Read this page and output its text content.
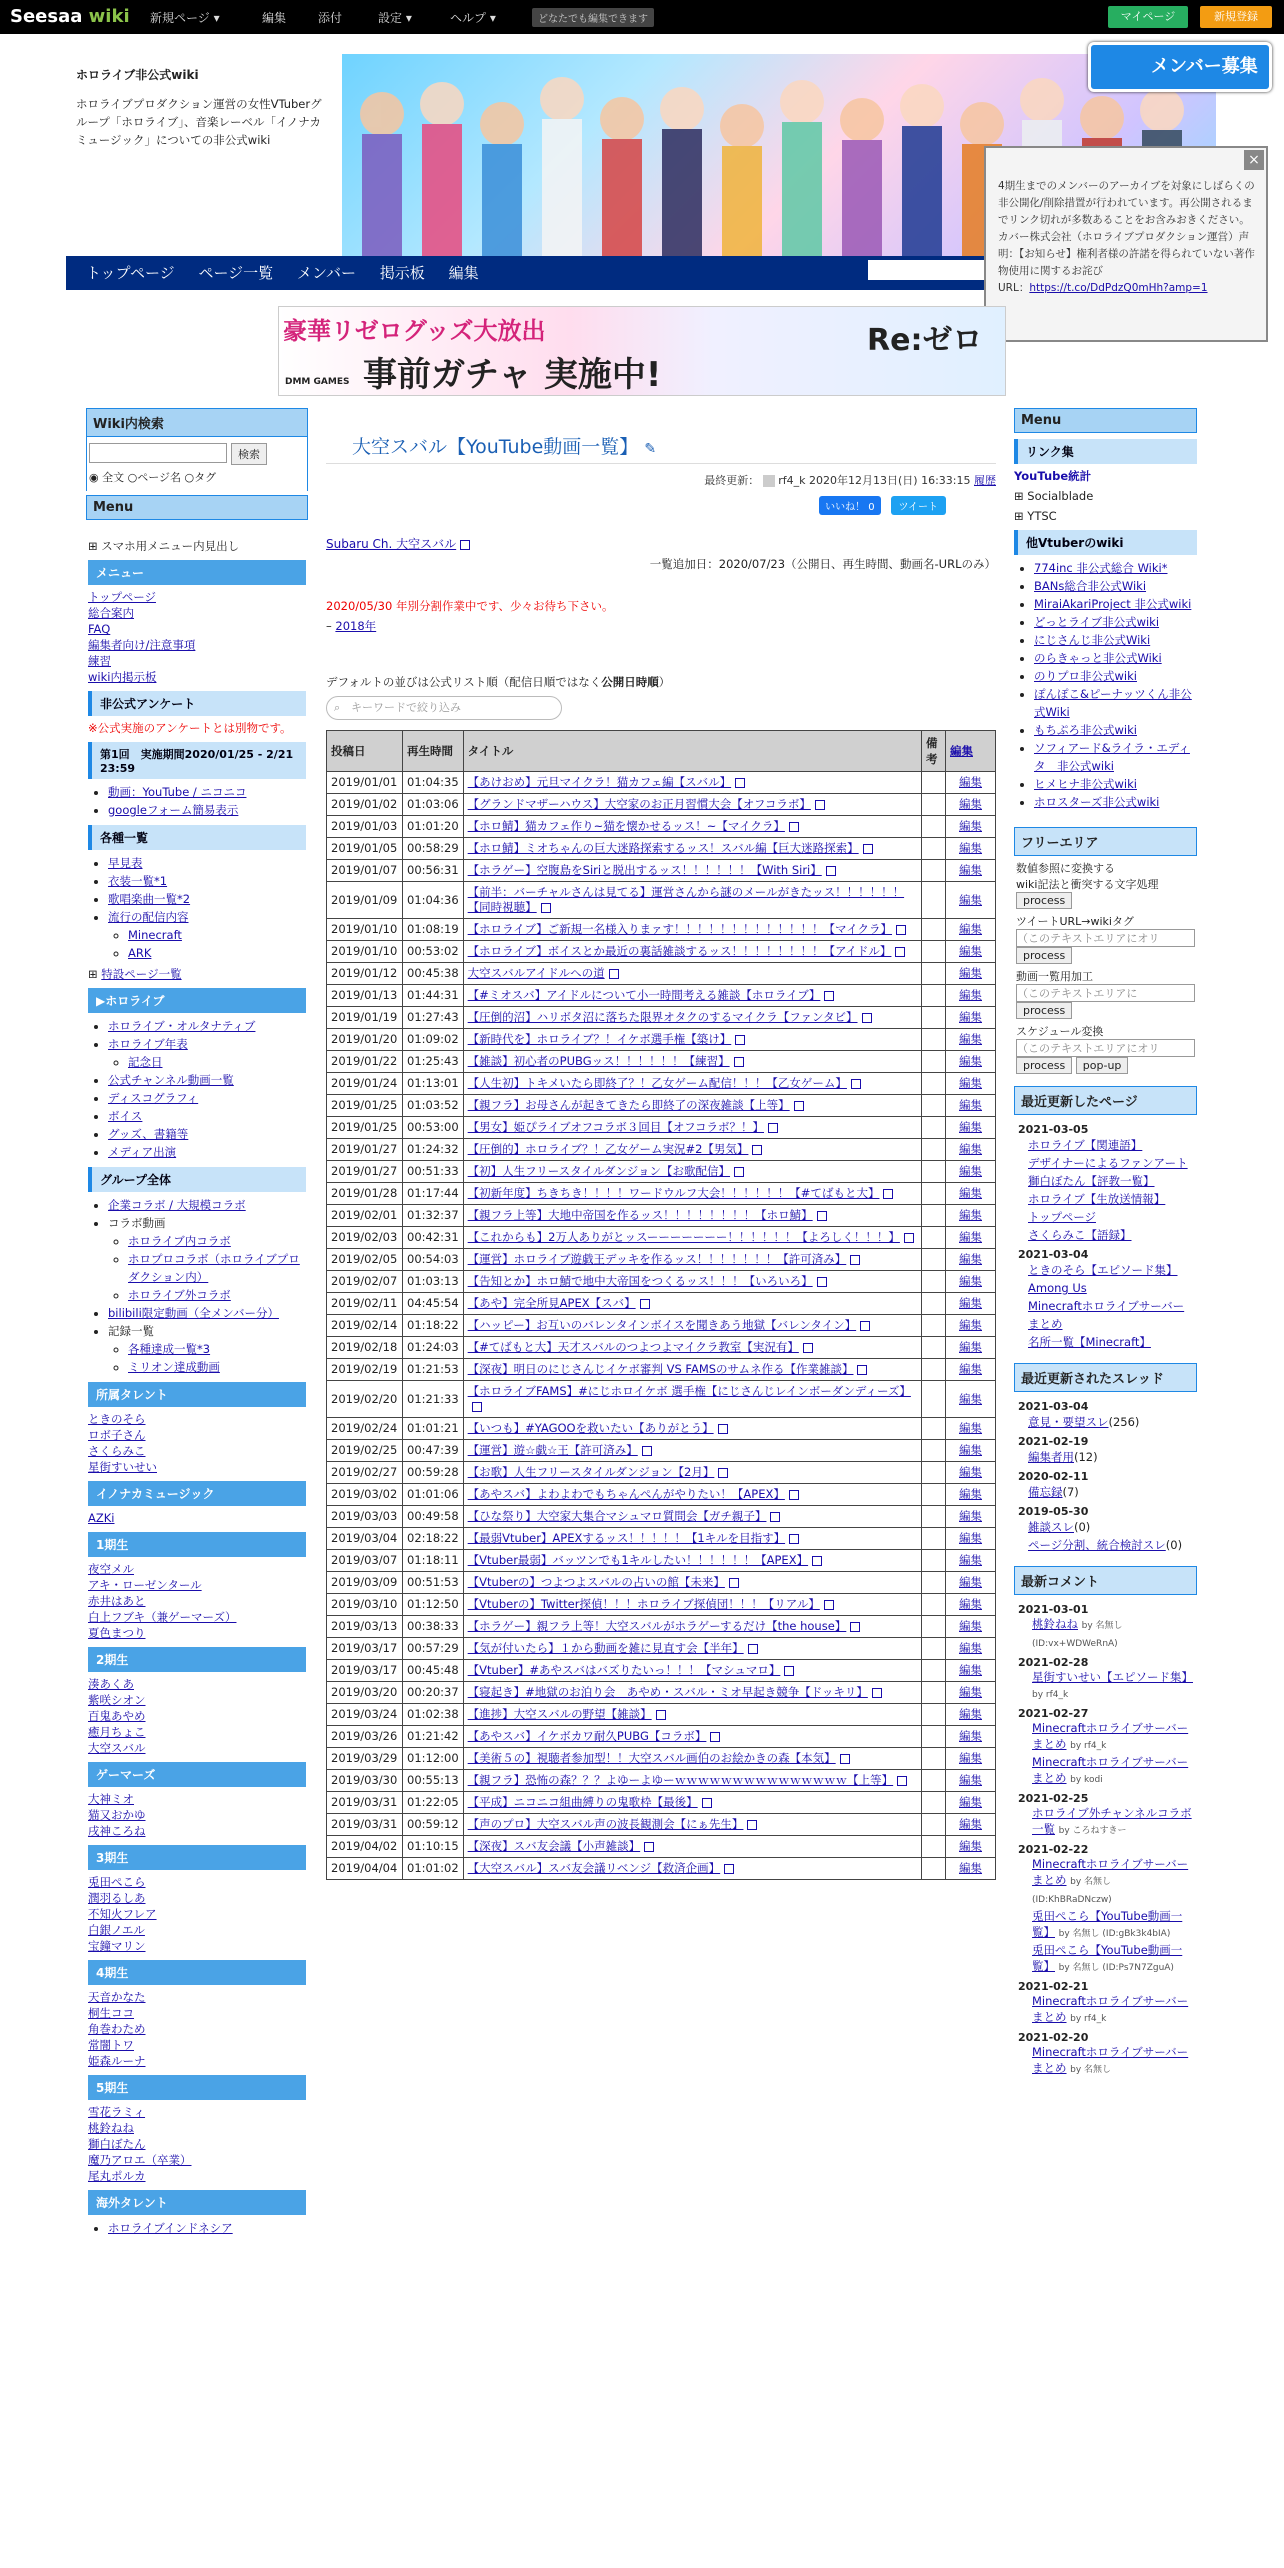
Seesaa wiki 新規ページ ▾	編集	添付	設定 ▾	ヘルプ ▾	どなたでも編集できます	マイページ	新規登録
ホロライブ非公式wiki
ホロライブプロダクション運営の女性VTuberグループ「ホロライブ」、音楽レーベル「イノナカミュージック」についての非公式wiki
メンバー募集
トップページ ページ一覧 メンバー 掲示板 編集
×
4期生までのメンバーのアーカイブを対象にしばらくの非公開化/削除措置が行われています。再公開されるまでリンク切れが多数あることをお含みおきください。カバー株式会社（ホロライブプロダクション運営）声明：【お知らせ】権利者様の許諾を得られていない著作物使用に関するお詫び
URL：https://t.co/DdPdzQ0mHh?amp=1
豪華リゼログッズ大放出
事前ガチャ 実施中!
Re:ゼロ
DMM GAMES
Wiki内検索
検索
◉ 全文 ○ページ名 ○タグ
Menu
⊞ スマホ用メニュー内見出し
メニュー
トップページ
総合案内
FAQ
編集者向け/注意事項
練習
wiki内掲示板
非公式アンケート
※公式実施のアンケートとは別物です。
第1回　実施期間2020/01/25 - 2/21 23:59
• 動画：YouTube / ニコニコ
• googleフォーム簡易表示
各種一覧
• 早見表
• 衣装一覧*1
• 歌唱楽曲一覧*2
• 流行の配信内容
◦ Minecraft
◦ ARK
⊞ 特設ページ一覧
▶ホロライブ
• ホロライブ・オルタナティブ
• ホロライブ年表
◦ 記念日
• 公式チャンネル動画一覧
• ディスコグラフィ
• ボイス
• グッズ、書籍等
• メディア出演
グループ全体
• 企業コラボ / 大規模コラボ
• コラボ動画
◦ ホロライブ内コラボ
◦ ホロプロコラボ（ホロライブプロダクション内）
◦ ホロライブ外コラボ
• bilibili限定動画（全メンバー分）
• 記録一覧
◦ 各種達成一覧*3
◦ ミリオン達成動画
所属タレント
ときのそら
ロボ子さん
さくらみこ
星街すいせい
イノナカミュージック
AZKi
1期生
夜空メル
アキ・ローゼンタール
赤井はあと
白上フブキ（兼ゲーマーズ）
夏色まつり
2期生
湊あくあ
紫咲シオン
百鬼あやめ
癒月ちょこ
大空スバル
ゲーマーズ
大神ミオ
猫又おかゆ
戌神ころね
3期生
兎田ぺこら
潤羽るしあ
不知火フレア
白銀ノエル
宝鐘マリン
4期生
天音かなた
桐生ココ
角巻わため
常闇トワ
姫森ルーナ
5期生
雪花ラミィ
桃鈴ねね
獅白ぼたん
魔乃アロエ（卒業）
尾丸ポルカ
海外タレント
• ホロライブインドネシア
大空スバル【YouTube動画一覧】 ✎
最終更新： rf4_k 2020年12月13日(日) 16:33:15 履歴
いいね！ 0 ツイート
Subaru Ch. 大空スバル
一覧追加日：2020/07/23（公開日、再生時間、動画名-URLのみ）
2020/05/30 年別分割作業中です、少々お待ち下さい。
– 2018年
デフォルトの並びは公式リスト順（配信日順ではなく公開日時順）
⌕ キーワードで絞り込み
投稿日	再生時間	タイトル	備考	編集
2019/01/01	01:04:35	【あけおめ】元旦マイクラ！猫カフェ編【スバル】		編集
2019/01/02	01:03:06	【グランドマザーハウス】大空家のお正月習慣大会【オフコラボ】		編集
2019/01/03	01:01:20	【ホロ鯖】猫カフェ作り~猫を懐かせるッス！~【マイクラ】		編集
2019/01/05	00:58:29	【ホロ鯖】ミオちゃんの巨大迷路探索するッス！スバル編【巨大迷路探索】		編集
2019/01/07	00:56:31	【ホラゲー】空腹島をSiriと脱出するッス！！！！！！【With Siri】		編集
2019/01/09	01:04:36	【前半：バーチャルさんは見てる】運営さんから謎のメールがきたッス！！！！！！【同時視聴】		編集
2019/01/10	01:08:19	【ホロライブ】ご新規一名様入りまァす！！！！！！！！！！！！！【マイクラ】		編集
2019/01/10	00:53:02	【ホロライブ】ボイスとか最近の裏話雑談するッス！！！！！！！！【アイドル】		編集
2019/01/12	00:45:38	大空スバルアイドルへの道		編集
2019/01/13	01:44:31	【#ミオスバ】アイドルについて小一時間考える雑談【ホロライブ】		編集
2019/01/19	01:27:43	【圧倒的沼】ハリボタ沼に落ちた限界オタクのするマイクラ【ファンタビ】		編集
2019/01/20	01:09:02	【新時代を】ホロライブ？！イケボ選手権【築け】		編集
2019/01/22	01:25:43	【雑談】初心者のPUBGッス！！！！！！【練習】		編集
2019/01/24	01:13:01	【人生初】トキメいたら即終了？！乙女ゲーム配信！！！【乙女ゲーム】		編集
2019/01/25	01:03:52	【親フラ】お母さんが起きてきたら即終了の深夜雑談【上等】		編集
2019/01/25	00:53:00	【男女】姫ぴライブオフコラボ３回目【オフコラボ？！】		編集
2019/01/27	01:24:32	【圧倒的】ホロライブ？！乙女ゲーム実況#2【男気】		編集
2019/01/27	00:51:33	【初】人生フリースタイルダンジョン【お歌配信】		編集
2019/01/28	01:17:44	【初新年度】ちきちき！！！！ワードウルフ大会！！！！！！【#てばもと大】		編集
2019/02/01	01:32:37	【親フラ上等】大地中帝国を作るッス！！！！！！！！【ホロ鯖】		編集
2019/02/03	00:42:31	【これからも】2万人ありがとッスーーーーーーー！！！！！！【よろしく！！！】		編集
2019/02/05	00:54:03	【運営】ホロライブ遊戯王デッキを作るッス！！！！！！！【許可済み】		編集
2019/02/07	01:03:13	【告知とか】ホロ鯖で地中大帝国をつくるッス！！！【いろいろ】		編集
2019/02/11	04:45:54	【あや】完全所見APEX【スバ】		編集
2019/02/14	01:18:22	【ハッピー】お互いのバレンタインボイスを聞きあう地獄【バレンタイン】		編集
2019/02/18	01:24:03	【#てばもと大】天才スバルのつよつよマイクラ教室【実況有】		編集
2019/02/19	01:21:53	【深夜】明日のにじさんじイケボ審判 VS FAMSのサムネ作る【作業雑談】		編集
2019/02/20	01:21:33	【ホロライブFAMS】#にじホロイケボ 選手権【にじさんじレインボーダンディーズ】		編集
2019/02/24	01:01:21	【いつも】#YAGOOを救いたい【ありがとう】		編集
2019/02/25	00:47:39	【運営】遊☆戯☆王【許可済み】		編集
2019/02/27	00:59:28	【お歌】人生フリースタイルダンジョン【2月】		編集
2019/03/02	01:01:06	【あやスバ】よわよわでもちゃんぺんがやりたい！【APEX】		編集
2019/03/03	00:49:58	【ひな祭り】大空家大集合マシュマロ質問会【ガチ親子】		編集
2019/03/04	02:18:22	【最弱Vtuber】APEXするッス！！！！！【1キルを目指す】		編集
2019/03/07	01:18:11	【Vtuber最弱】バッツンでも1キルしたい！！！！！！【APEX】		編集
2019/03/09	00:51:53	【Vtuberの】つよつよスバルの占いの館【未来】		編集
2019/03/10	01:12:50	【Vtuberの】Twitter探偵！！！ホロライブ探偵団！！！【リアル】		編集
2019/03/13	00:38:33	【ホラゲー】親フラ上等！大空スバルがホラゲーするだけ【the house】		編集
2019/03/17	00:57:29	【気が付いたら】１から動画を雑に見直す会【半年】		編集
2019/03/17	00:45:48	【Vtuber】#あやスバはバズりたいっ！！！【マシュマロ】		編集
2019/03/20	00:20:37	【寝起き】#地獄のお泊り会　あやめ・スバル・ミオ早起き競争【ドッキリ】		編集
2019/03/24	01:02:38	【進捗】大空スバルの野望【雑談】		編集
2019/03/26	01:21:42	【あやスバ】イケボカワ耐久PUBG【コラボ】		編集
2019/03/29	01:12:00	【美術５の】視聴者参加型！！大空スバル画伯のお絵かきの森【本気】		編集
2019/03/30	00:55:13	【親フラ】恐怖の森？？？よゆーよゆーｗｗｗｗｗｗｗｗｗｗｗｗｗｗｗ【上等】		編集
2019/03/31	01:22:05	【平成】ニコニコ組曲縛りの鬼歌枠【最後】		編集
2019/03/31	00:59:12	【声のプロ】大空スバル声の波長観測会【にぁ先生】		編集
2019/04/02	01:10:15	【深夜】スバ友会議【小声雑談】		編集
2019/04/04	01:01:02	【大空スバル】スバ友会議リベンジ【救済企画】		編集
Menu
リンク集
YouTube統計
⊞ Socialblade
⊞ YTSC
他Vtuberのwiki
• 774inc 非公式総合 Wiki*
• BANs総合非公式Wiki
• MiraiAkariProject 非公式wiki
• どっとライブ非公式wiki
• にじさんじ非公式Wiki
• のらきゃっと非公式Wiki
• のりプロ非公式wiki
• ぽんぽこ&ピーナッツくん非公式Wiki
• もちぷろ非公式wiki
• ソフィアード&ライラ・エディタ　非公式wiki
• ヒメヒナ非公式wiki
• ホロスターズ非公式wiki
フリーエリア
数値参照に変換する
wiki記法と衝突する文字処理
process
ツイートURL→wikiタグ
（このテキストエリアにオリ
process
動画一覧用加工
（このテキストエリアに
process
スケジュール変換
（このテキストエリアにオリ
process pop-up
最近更新したページ
2021-03-05
ホロライブ【関連語】
デザイナーによるファンアート
獅白ぼたん【評教一覧】
ホロライブ【生放送情報】
トップページ
さくらみこ【語録】
2021-03-04
ときのそら【エピソード集】
Among Us
Minecraftホロライブサーバーまとめ
名所一覧【Minecraft】
最近更新されたスレッド
2021-03-04
意見・要望スレ(256)
2021-02-19
編集者用(12)
2020-02-11
備忘録(7)
2019-05-30
雑談スレ(0)
ページ分割、統合検討スレ(0)
最新コメント
2021-03-01
桃鈴ねね by 名無し (ID:vx+WDWeRnA)
2021-02-28
星街すいせい【エピソード集】 by rf4_k
2021-02-27
Minecraftホロライブサーバーまとめ by rf4_k
Minecraftホロライブサーバーまとめ by kodi
2021-02-25
ホロライブ外チャンネルコラボ一覧 by ころねすきー
2021-02-22
Minecraftホロライブサーバーまとめ by 名無し (ID:KhBRaDNczw)
兎田ぺこら【YouTube動画一覧】 by 名無し (ID:gBk3k4bIA)
兎田ぺこら【YouTube動画一覧】 by 名無し (ID:Ps7N7ZguA)
2021-02-21
Minecraftホロライブサーバーまとめ by rf4_k
2021-02-20
Minecraftホロライブサーバーまとめ by 名無し
